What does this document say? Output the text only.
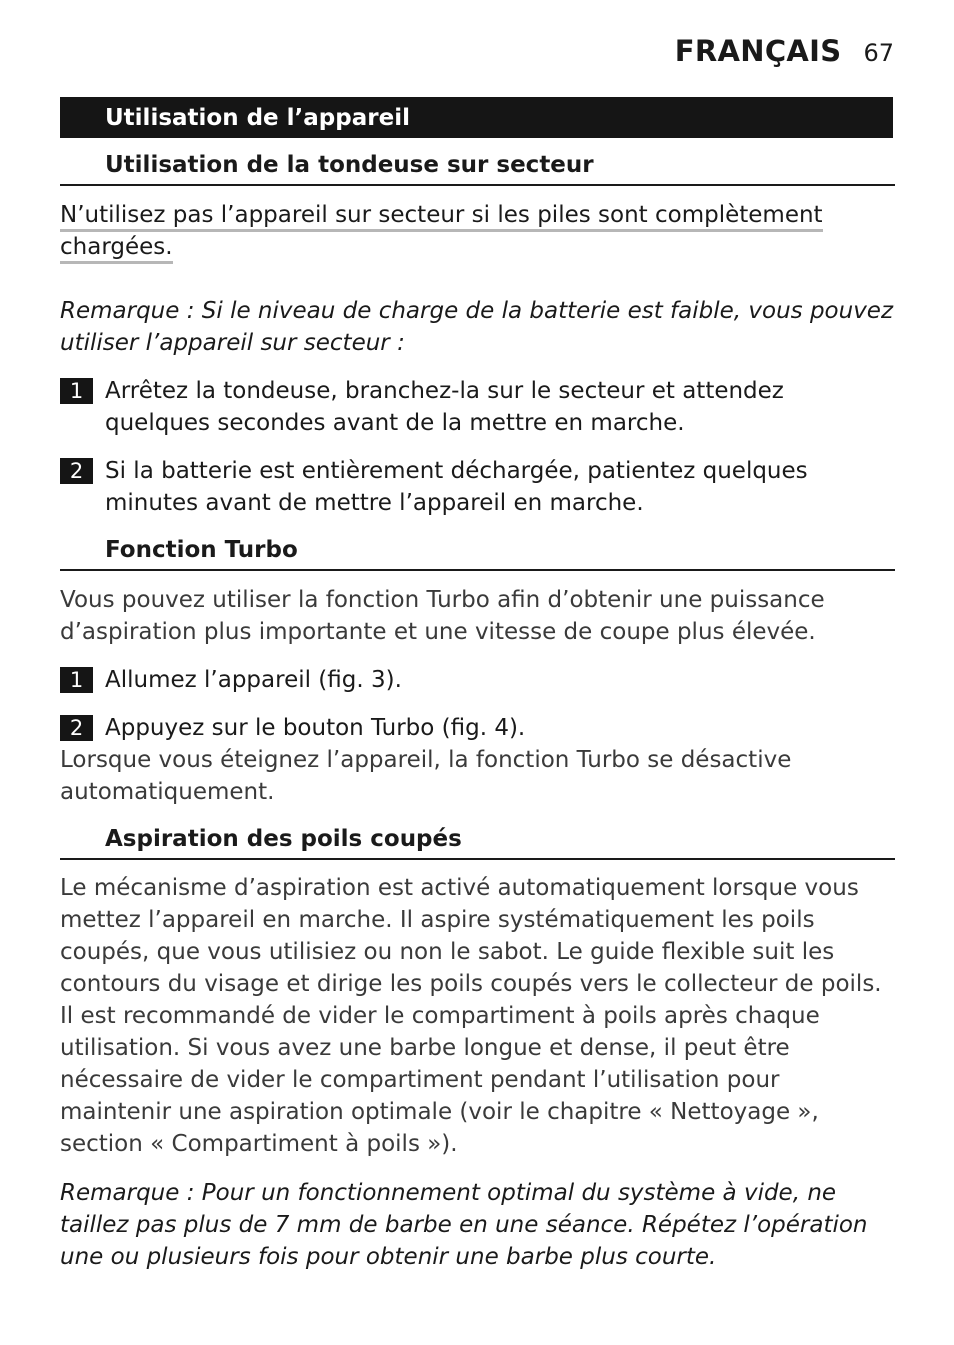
FRANÇAIS 67
Utilisation de l’appareil
Utilisation de la tondeuse sur secteur
N’utilisez pas l’appareil sur secteur si les piles sont complètement chargées.
Remarque : Si le niveau de charge de la batterie est faible, vous pouvez utiliser l’appareil sur secteur :
1 Arrêtez la tondeuse, branchez-la sur le secteur et attendez quelques secondes avant de la mettre en marche.
2 Si la batterie est entièrement déchargée, patientez quelques minutes avant de mettre l’appareil en marche.
Fonction Turbo
Vous pouvez utiliser la fonction Turbo afin d’obtenir une puissance d’aspiration plus importante et une vitesse de coupe plus élevée.
1 Allumez l’appareil (fig. 3).
2 Appuyez sur le bouton Turbo (fig. 4).
Lorsque vous éteignez l’appareil, la fonction Turbo se désactive automatiquement.
Aspiration des poils coupés
Le mécanisme d’aspiration est activé automatiquement lorsque vous mettez l’appareil en marche. Il aspire systématiquement les poils coupés, que vous utilisiez ou non le sabot. Le guide flexible suit les contours du visage et dirige les poils coupés vers le collecteur de poils.
Il est recommandé de vider le compartiment à poils après chaque utilisation. Si vous avez une barbe longue et dense, il peut être nécessaire de vider le compartiment pendant l’utilisation pour maintenir une aspiration optimale (voir le chapitre « Nettoyage », section « Compartiment à poils »).
Remarque : Pour un fonctionnement optimal du système à vide, ne taillez pas plus de 7 mm de barbe en une séance. Répétez l’opération une ou plusieurs fois pour obtenir une barbe plus courte.
